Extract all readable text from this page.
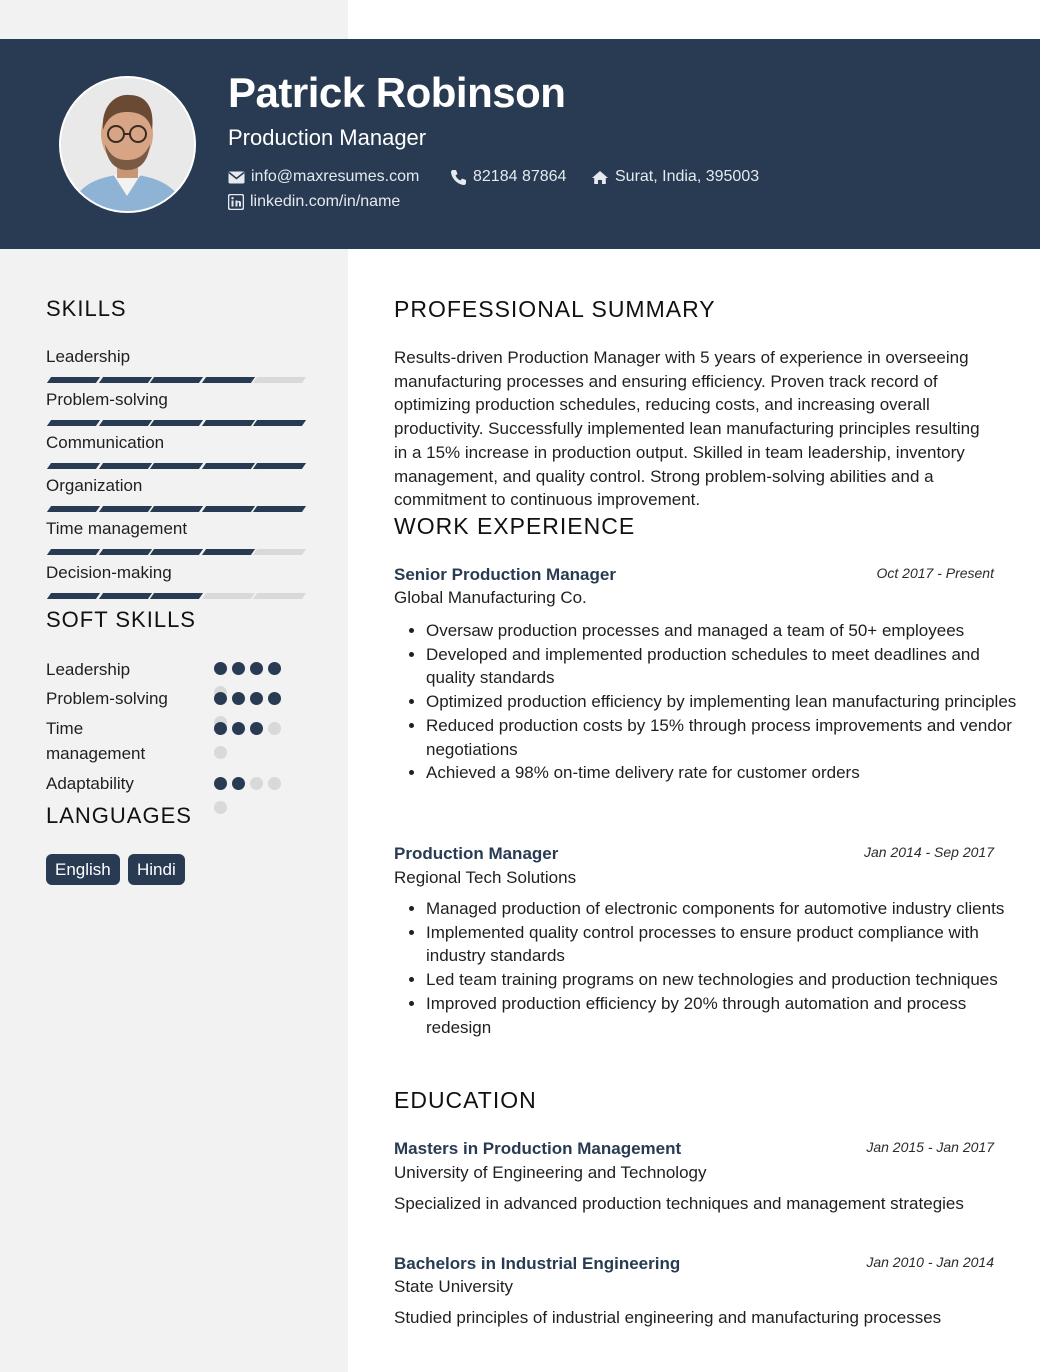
Patrick Robinson
Production Manager
info@maxresumes.com	82184 87864	Surat, India, 395003
linkedin.com/in/name
SKILLS
Leadership
Problem-solving
Communication
Organization
Time management
Decision-making
SOFT SKILLS
Leadership
Problem-solving
Time management
Adaptability
LANGUAGES
English	Hindi
PROFESSIONAL SUMMARY

Results-driven Production Manager with 5 years of experience in overseeing manufacturing processes and ensuring efficiency. Proven track record of optimizing production schedules, reducing costs, and increasing overall productivity. Successfully implemented lean manufacturing principles resulting in a 15% increase in production output. Skilled in team leadership, inventory management, and quality control. Strong problem-solving abilities and a commitment to continuous improvement.

WORK EXPERIENCE
Senior Production Manager	Oct 2017 - Present
Global Manufacturing Co.
• Oversaw production processes and managed a team of 50+ employees
• Developed and implemented production schedules to meet deadlines and quality standards
• Optimized production efficiency by implementing lean manufacturing principles
• Reduced production costs by 15% through process improvements and vendor negotiations
• Achieved a 98% on-time delivery rate for customer orders
Production Manager	Jan 2014 - Sep 2017
Regional Tech Solutions
• Managed production of electronic components for automotive industry clients
• Implemented quality control processes to ensure product compliance with industry standards
• Led team training programs on new technologies and production techniques
• Improved production efficiency by 20% through automation and process redesign
EDUCATION
Masters in Production Management	Jan 2015 - Jan 2017
University of Engineering and Technology

Specialized in advanced production techniques and management strategies

Bachelors in Industrial Engineering	Jan 2010 - Jan 2014
State University

Studied principles of industrial engineering and manufacturing processes
